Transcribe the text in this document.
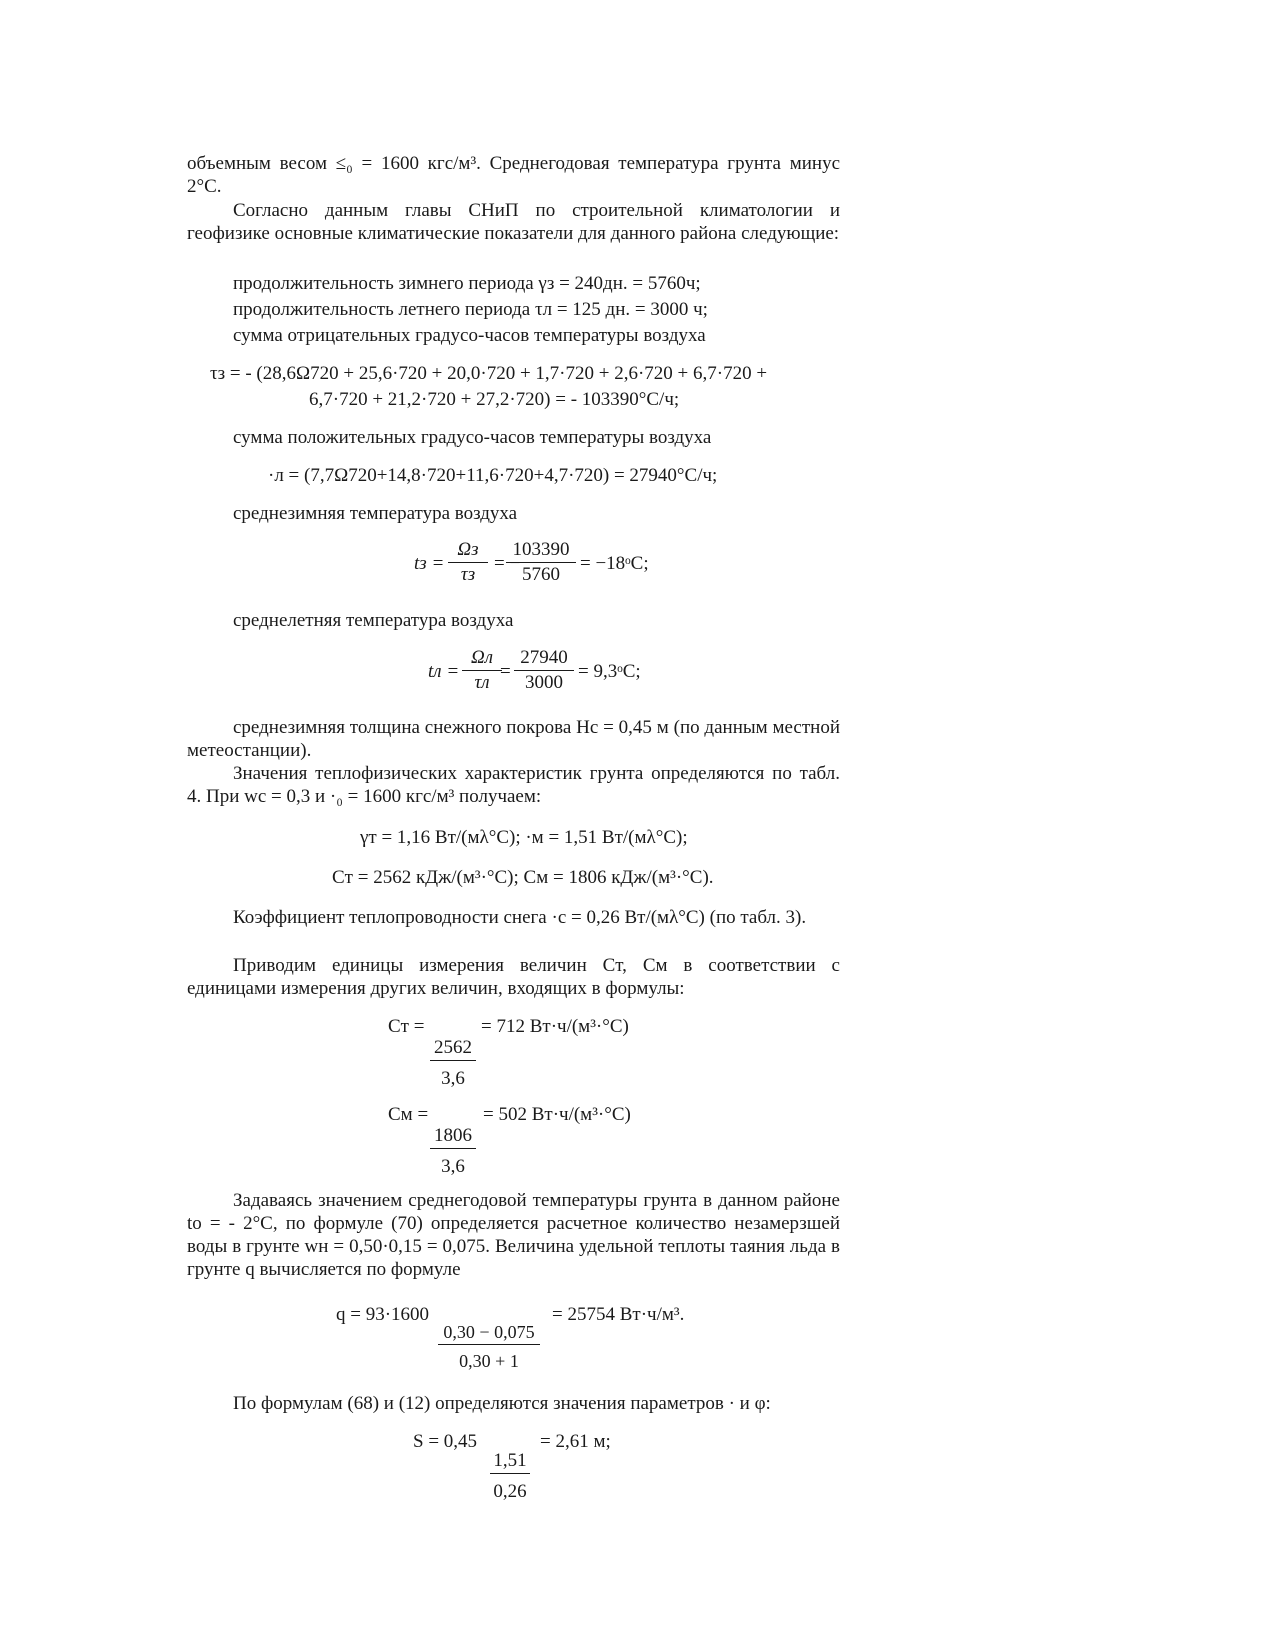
объемным весом ≤₀ = 1600 кгс/м³. Среднегодовая температура грунта минус 2°С.
Согласно данным главы СНиП по строительной климатологии и геофизике основные климатические показатели для данного района следующие:
продолжительность зимнего периода γз = 240дн. = 5760ч;
продолжительность летнего периода τл = 125 дн. = 3000 ч;
сумма отрицательных градусо-часов температуры воздуха
τз = - (28,6Ω720 + 25,6·720 + 20,0·720 + 1,7·720 + 2,6·720 + 6,7·720 +
6,7·720 + 21,2·720 + 27,2·720) = - 103390°С/ч;
сумма положительных градусо-часов температуры воздуха
·л = (7,7Ω720+14,8·720+11,6·720+4,7·720) = 27940°С/ч;
среднезимняя температура воздуха
tз =
Ωз
τз
= −
$\frac{103390}{5760}$ = −18ᵒC;
среднелетняя температура воздуха
tл =
Ωл
τл
= $\frac{27940}{3000}$ = 9,3ᵒC;
среднезимняя толщина снежного покрова Hс = 0,45 м (по данным местной метеостанции).
Значения теплофизических характеристик грунта определяются по табл. 4. При wс = 0,3 и ·₀ = 1600 кгс/м³ получаем:
γт = 1,16 Вт/(мλ°С); ·м = 1,51 Вт/(мλ°С);
Cт = 2562 кДж/(м³·°С); Cм = 1806 кДж/(м³·°С).
Коэффициент теплопроводности снега ·с = 0,26 Вт/(мλ°С) (по табл. 3).
Приводим единицы измерения величин Cт, Cм в соответствии с единицами измерения других величин, входящих в формулы:
Cт =
$\frac{2562}{3,6}$
= 712 Вт·ч/(м³·°С)
Cм =
$\frac{1806}{3,6}$
= 502 Вт·ч/(м³·°С)
Задаваясь значением среднегодовой температуры грунта в данном районе tо = - 2°С, по формуле (70) определяется расчетное количество незамерзшей воды в грунте wн = 0,50·0,15 = 0,075. Величина удельной теплоты таяния льда в грунте q вычисляется по формуле
q = 93·1600
$\frac{0,30 - 0,075}{0,30 + 1}$
= 25754 Вт·ч/м³.
По формулам (68) и (12) определяются значения параметров · и φ:
S = 0,45
$\frac{1,51}{0,26}$
= 2,61 м;
